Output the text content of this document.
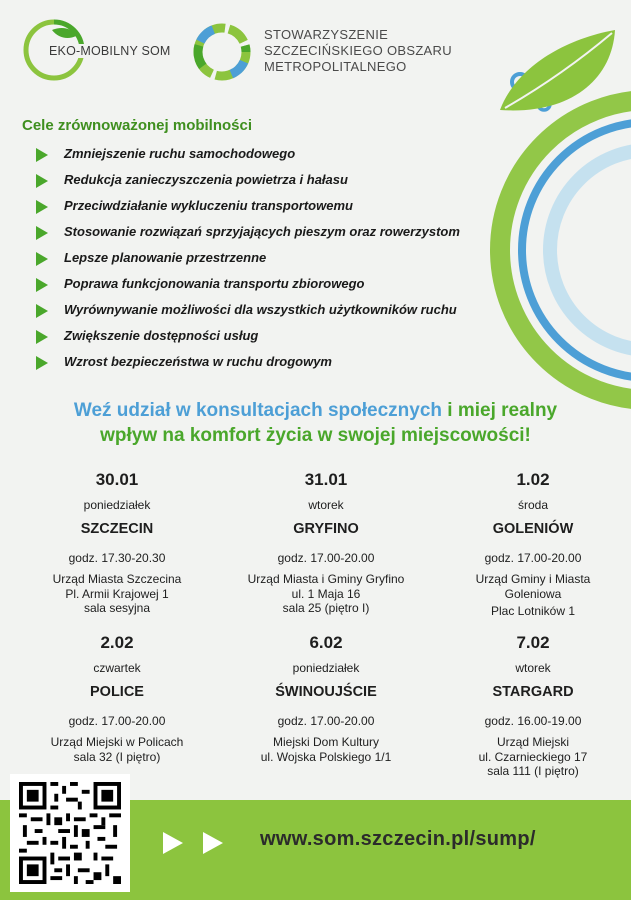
EKO-MOBILNY SOM
STOWARZYSZENIE
SZCZECIŃSKIEGO OBSZARU
METROPOLITALNEGO
Cele zrównoważonej mobilności
Zmniejszenie ruchu samochodowego
Redukcja zanieczyszczenia powietrza i hałasu
Przeciwdziałanie wykluczeniu transportowemu
Stosowanie rozwiązań sprzyjających pieszym oraz rowerzystom
Lepsze planowanie przestrzenne
Poprawa funkcjonowania transportu zbiorowego
Wyrównywanie możliwości dla wszystkich użytkowników ruchu
Zwiększenie dostępności usług
Wzrost bezpieczeństwa w ruchu drogowym
Weź udział w konsultacjach społecznych i miej realny
wpływ na komfort życia w swojej miejscowości!
30.01
poniedziałek
SZCZECIN
godz. 17.30-20.30
Urząd Miasta Szczecina
Pl. Armii Krajowej 1
sala sesyjna
31.01
wtorek
GRYFINO
godz. 17.00-20.00
Urząd Miasta i Gminy Gryfino
ul. 1 Maja 16
sala 25 (piętro I)
1.02
środa
GOLENIÓW
godz. 17.00-20.00
Urząd Gminy i Miasta
Goleniowa
Plac Lotników 1
2.02
czwartek
POLICE
godz. 17.00-20.00
Urząd Miejski w Policach
sala 32 (I piętro)
6.02
poniedziałek
ŚWINOUJŚCIE
godz. 17.00-20.00
Miejski Dom Kultury
ul. Wojska Polskiego 1/1
7.02
wtorek
STARGARD
godz. 16.00-19.00
Urząd Miejski
ul. Czarnieckiego 17
sala 111 (I piętro)
www.som.szczecin.pl/sump/
